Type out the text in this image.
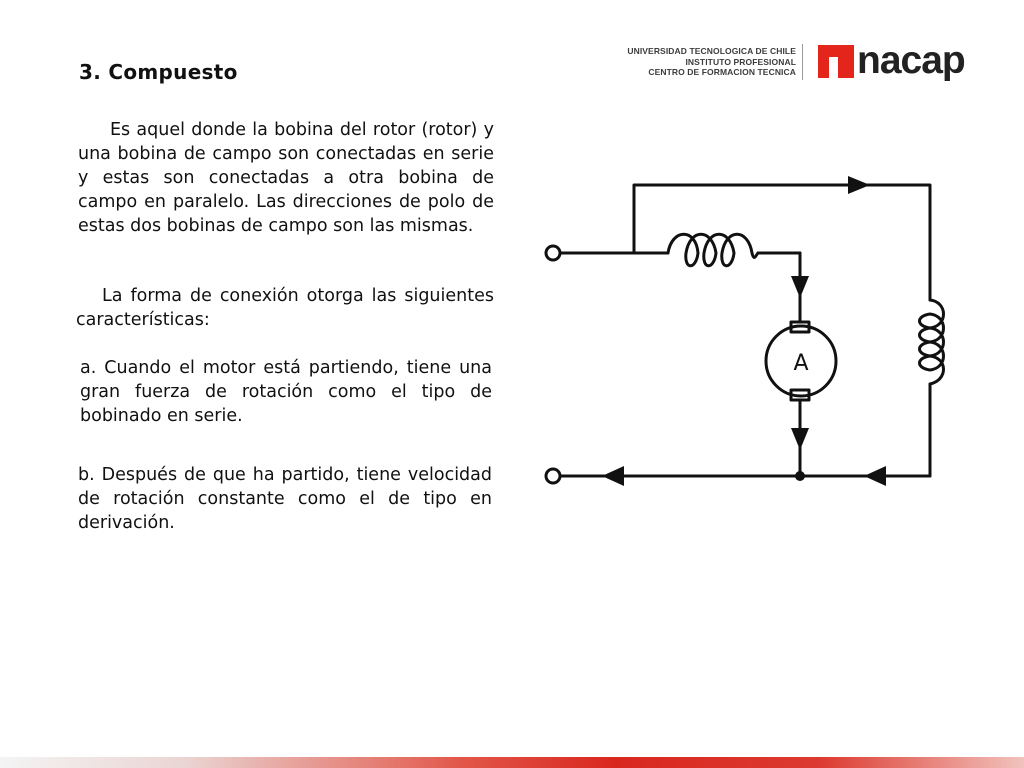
3. Compuesto

Es aquel donde la bobina del rotor (rotor) y una bobina de campo son conectadas en serie y estas son conectadas a otra bobina de campo en paralelo. Las direcciones de polo de estas dos bobinas de campo son las mismas.

La forma de conexión otorga las siguientes características:

a. Cuando el motor está partiendo, tiene una gran fuerza de rotación como el tipo de bobinado en serie.

b. Después de que ha partido, tiene velocidad de rotación constante como el de tipo en derivación.

UNIVERSIDAD TECNOLOGICA DE CHILE
INSTITUTO PROFESIONAL
CENTRO DE FORMACION TECNICA nacap
A
